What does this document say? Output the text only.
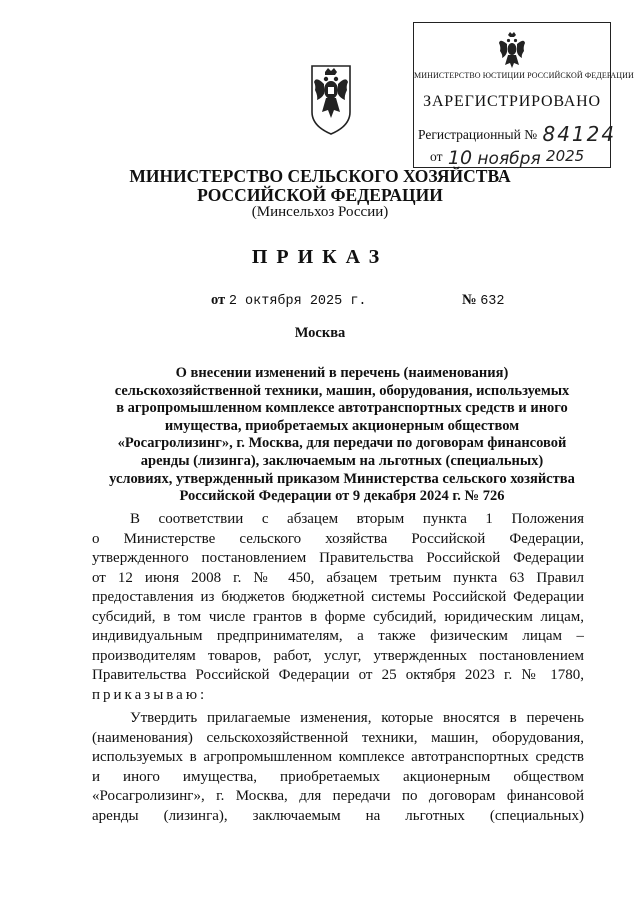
МИНИСТЕРСТВО ЮСТИЦИИ РОССИЙСКОЙ ФЕДЕРАЦИИ
ЗАРЕГИСТРИРОВАНО
Регистрационный № 84124
от 10 ноября 2025
МИНИСТЕРСТВО СЕЛЬСКОГО ХОЗЯЙСТВА
РОССИЙСКОЙ ФЕДЕРАЦИИ
(Минсельхоз России)
ПРИКАЗ
от 2 октября 2025 г.	№ 632
Москва
О внесении изменений в перечень (наименования)
сельскохозяйственной техники, машин, оборудования, используемых
в агропромышленном комплексе автотранспортных средств и иного
имущества, приобретаемых акционерным обществом
«Росагролизинг», г. Москва, для передачи по договорам финансовой
аренды (лизинга), заключаемым на льготных (специальных)
условиях, утвержденный приказом Министерства сельского хозяйства
Российской Федерации от 9 декабря 2024 г. № 726
В соответствии с абзацем вторым пункта 1 Положения
о Министерстве сельского хозяйства Российской Федерации,
утвержденного постановлением Правительства Российской Федерации
от 12 июня 2008 г. № 450, абзацем третьим пункта 63 Правил
предоставления из бюджетов бюджетной системы Российской Федерации
субсидий, в том числе грантов в форме субсидий, юридическим лицам,
индивидуальным предпринимателям, а также физическим лицам –
производителям товаров, работ, услуг, утвержденных постановлением
Правительства Российской Федерации от 25 октября 2023 г. № 1780,
приказываю:
Утвердить прилагаемые изменения, которые вносятся в перечень
(наименования) сельскохозяйственной техники, машин, оборудования,
используемых в агропромышленном комплексе автотранспортных средств
и иного имущества, приобретаемых акционерным обществом
«Росагролизинг», г. Москва, для передачи по договорам финансовой
аренды (лизинга), заключаемым на льготных (специальных)
